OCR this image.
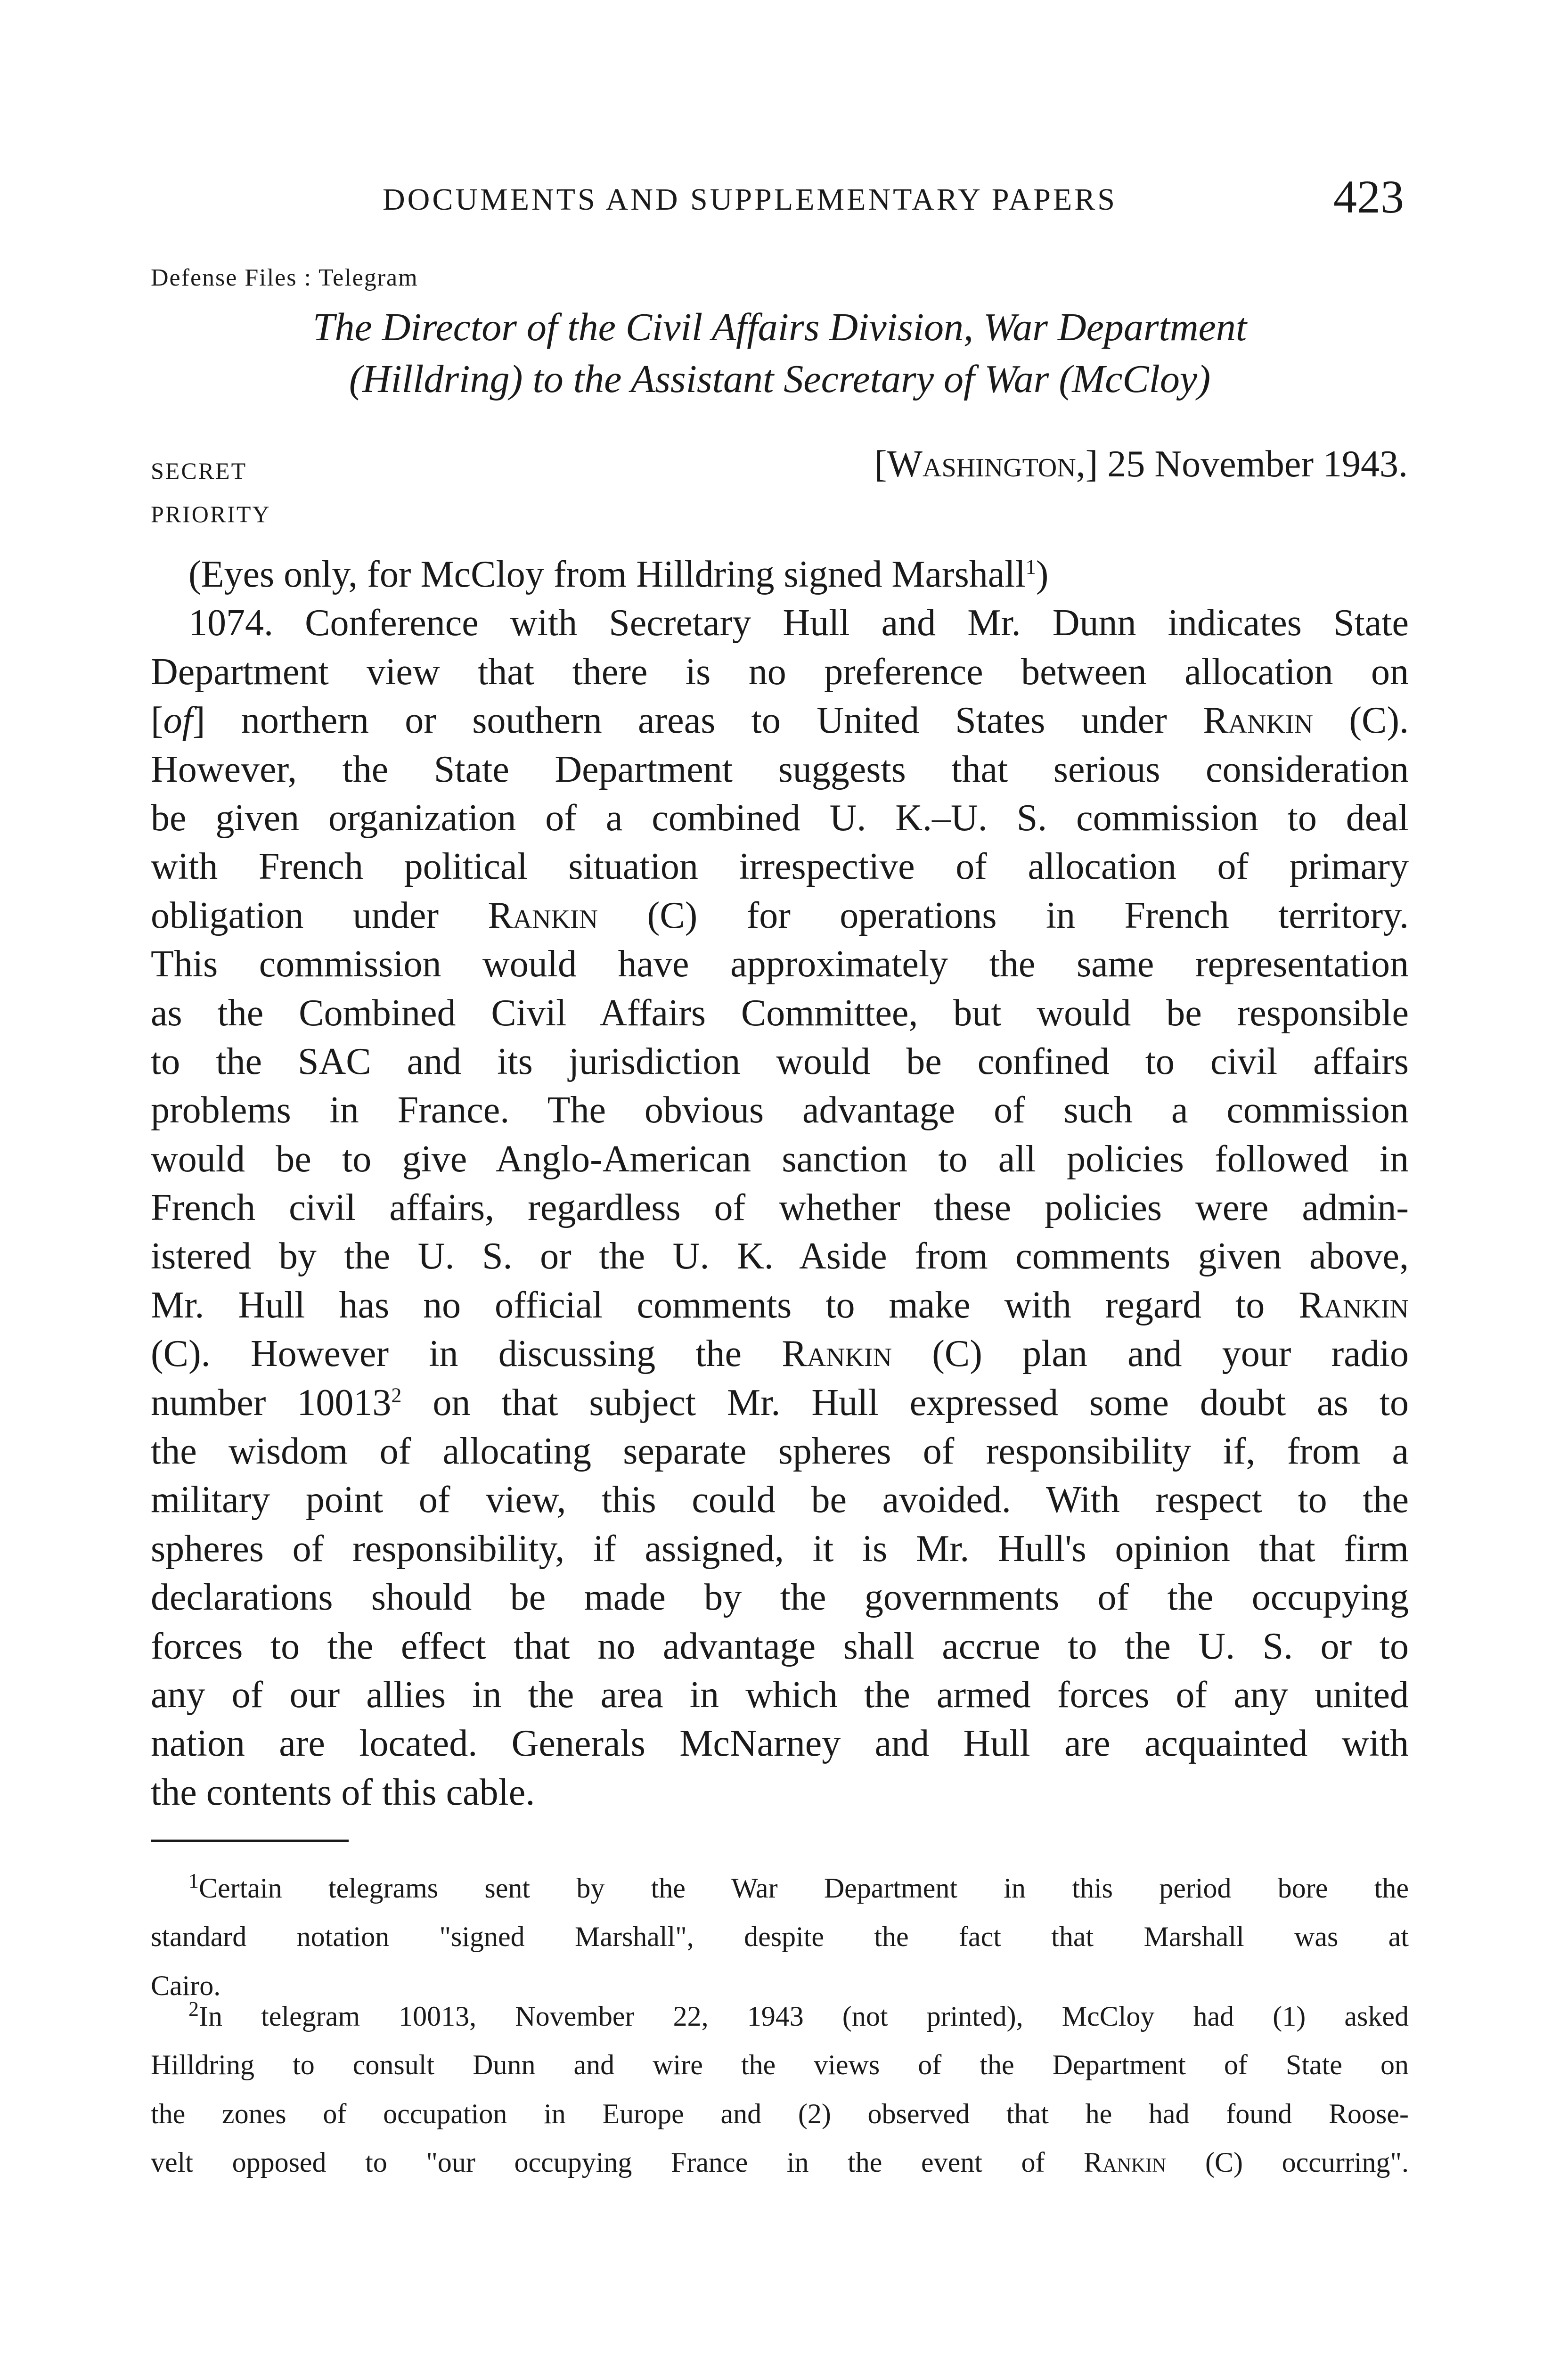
DOCUMENTS AND SUPPLEMENTARY PAPERS	423
Defense Files : Telegram
The Director of the Civil Affairs Division, War Department
(Hilldring) to the Assistant Secretary of War (McCloy)
SECRET
PRIORITY
[Washington,] 25 November 1943.
(Eyes only, for McCloy from Hilldring signed Marshall$^1$)
1074. Conference with Secretary Hull and Mr. Dunn indicates State
Department view that there is no preference between allocation on
[of] northern or southern areas to United States under Rankin (C).
However, the State Department suggests that serious consideration
be given organization of a combined U. K.–U. S. commission to deal
with French political situation irrespective of allocation of primary
obligation under Rankin (C) for operations in French territory.
This commission would have approximately the same representation
as the Combined Civil Affairs Committee, but would be responsible
to the SAC and its jurisdiction would be confined to civil affairs
problems in France. The obvious advantage of such a commission
would be to give Anglo-American sanction to all policies followed in
French civil affairs, regardless of whether these policies were admin-
istered by the U. S. or the U. K. Aside from comments given above,
Mr. Hull has no official comments to make with regard to Rankin
(C). However in discussing the Rankin (C) plan and your radio
number 10013$^2$ on that subject Mr. Hull expressed some doubt as to
the wisdom of allocating separate spheres of responsibility if, from a
military point of view, this could be avoided. With respect to the
spheres of responsibility, if assigned, it is Mr. Hull's opinion that firm
declarations should be made by the governments of the occupying
forces to the effect that no advantage shall accrue to the U. S. or to
any of our allies in the area in which the armed forces of any united
nation are located. Generals McNarney and Hull are acquainted with
the contents of this cable.
$^1$Certain telegrams sent by the War Department in this period bore the
standard notation "signed Marshall", despite the fact that Marshall was at
Cairo.
$^2$In telegram 10013, November 22, 1943 (not printed), McCloy had (1) asked
Hilldring to consult Dunn and wire the views of the Department of State on
the zones of occupation in Europe and (2) observed that he had found Roose-
velt opposed to "our occupying France in the event of Rankin (C) occurring".
